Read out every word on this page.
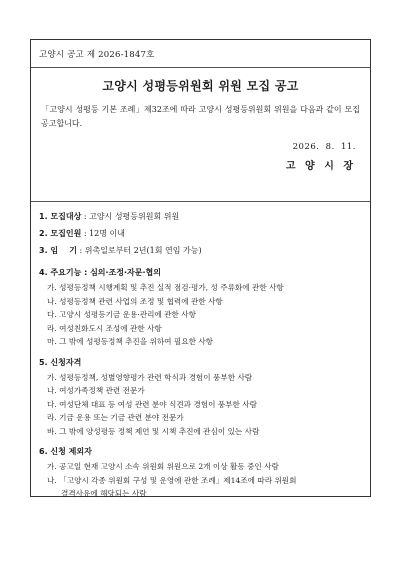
고양시 공고 제 2026-1847호
고양시 성평등위원회 위원 모집 공고
「고양시 성평등 기본 조례」제32조에 따라 고양시 성평등위원회 위원을 다음과 같이 모집 공고합니다.
2026. 8. 11.
고 양 시 장
1. 모집대상 : 고양시 성평등위원회 위원
2. 모집인원 : 12명 이내
3. 임    기 : 위촉일로부터 2년(1회 연임 가능)
4. 주요기능 : 심의·조정·자문·협의
가. 성평등정책 시행계획 및 추진 실적 점검·평가, 성 주류화에 관한 사항
나. 성평등정책 관련 사업의 조정 및 협력에 관한 사항
다. 고양시 성평등기금 운용·관리에 관한 사항
라. 여성친화도시 조성에 관한 사항
마. 그 밖에 성평등정책 추진을 위하여 필요한 사항
5. 신청자격
가. 성평등정책, 성별영향평가 관련 학식과 경험이 풍부한 사람
나. 여성가족정책 관련 전문가
다. 여성단체 대표 등 여성 관련 분야 식견과 경험이 풍부한 사람
라. 기금 운용 또는 기금 관련 분야 전문가
바. 그 밖에 양성평등 정책 제언 및 시책 추진에 관심이 있는 사람
6. 신청 제외자
가. 공고일 현재 고양시 소속 위원회 위원으로 2개 이상 활동 중인 사람
나. 「고양시 각종 위원회 구성 및 운영에 관한 조례」제14조에 따라 위원회
결격사유에 해당되는 사람
